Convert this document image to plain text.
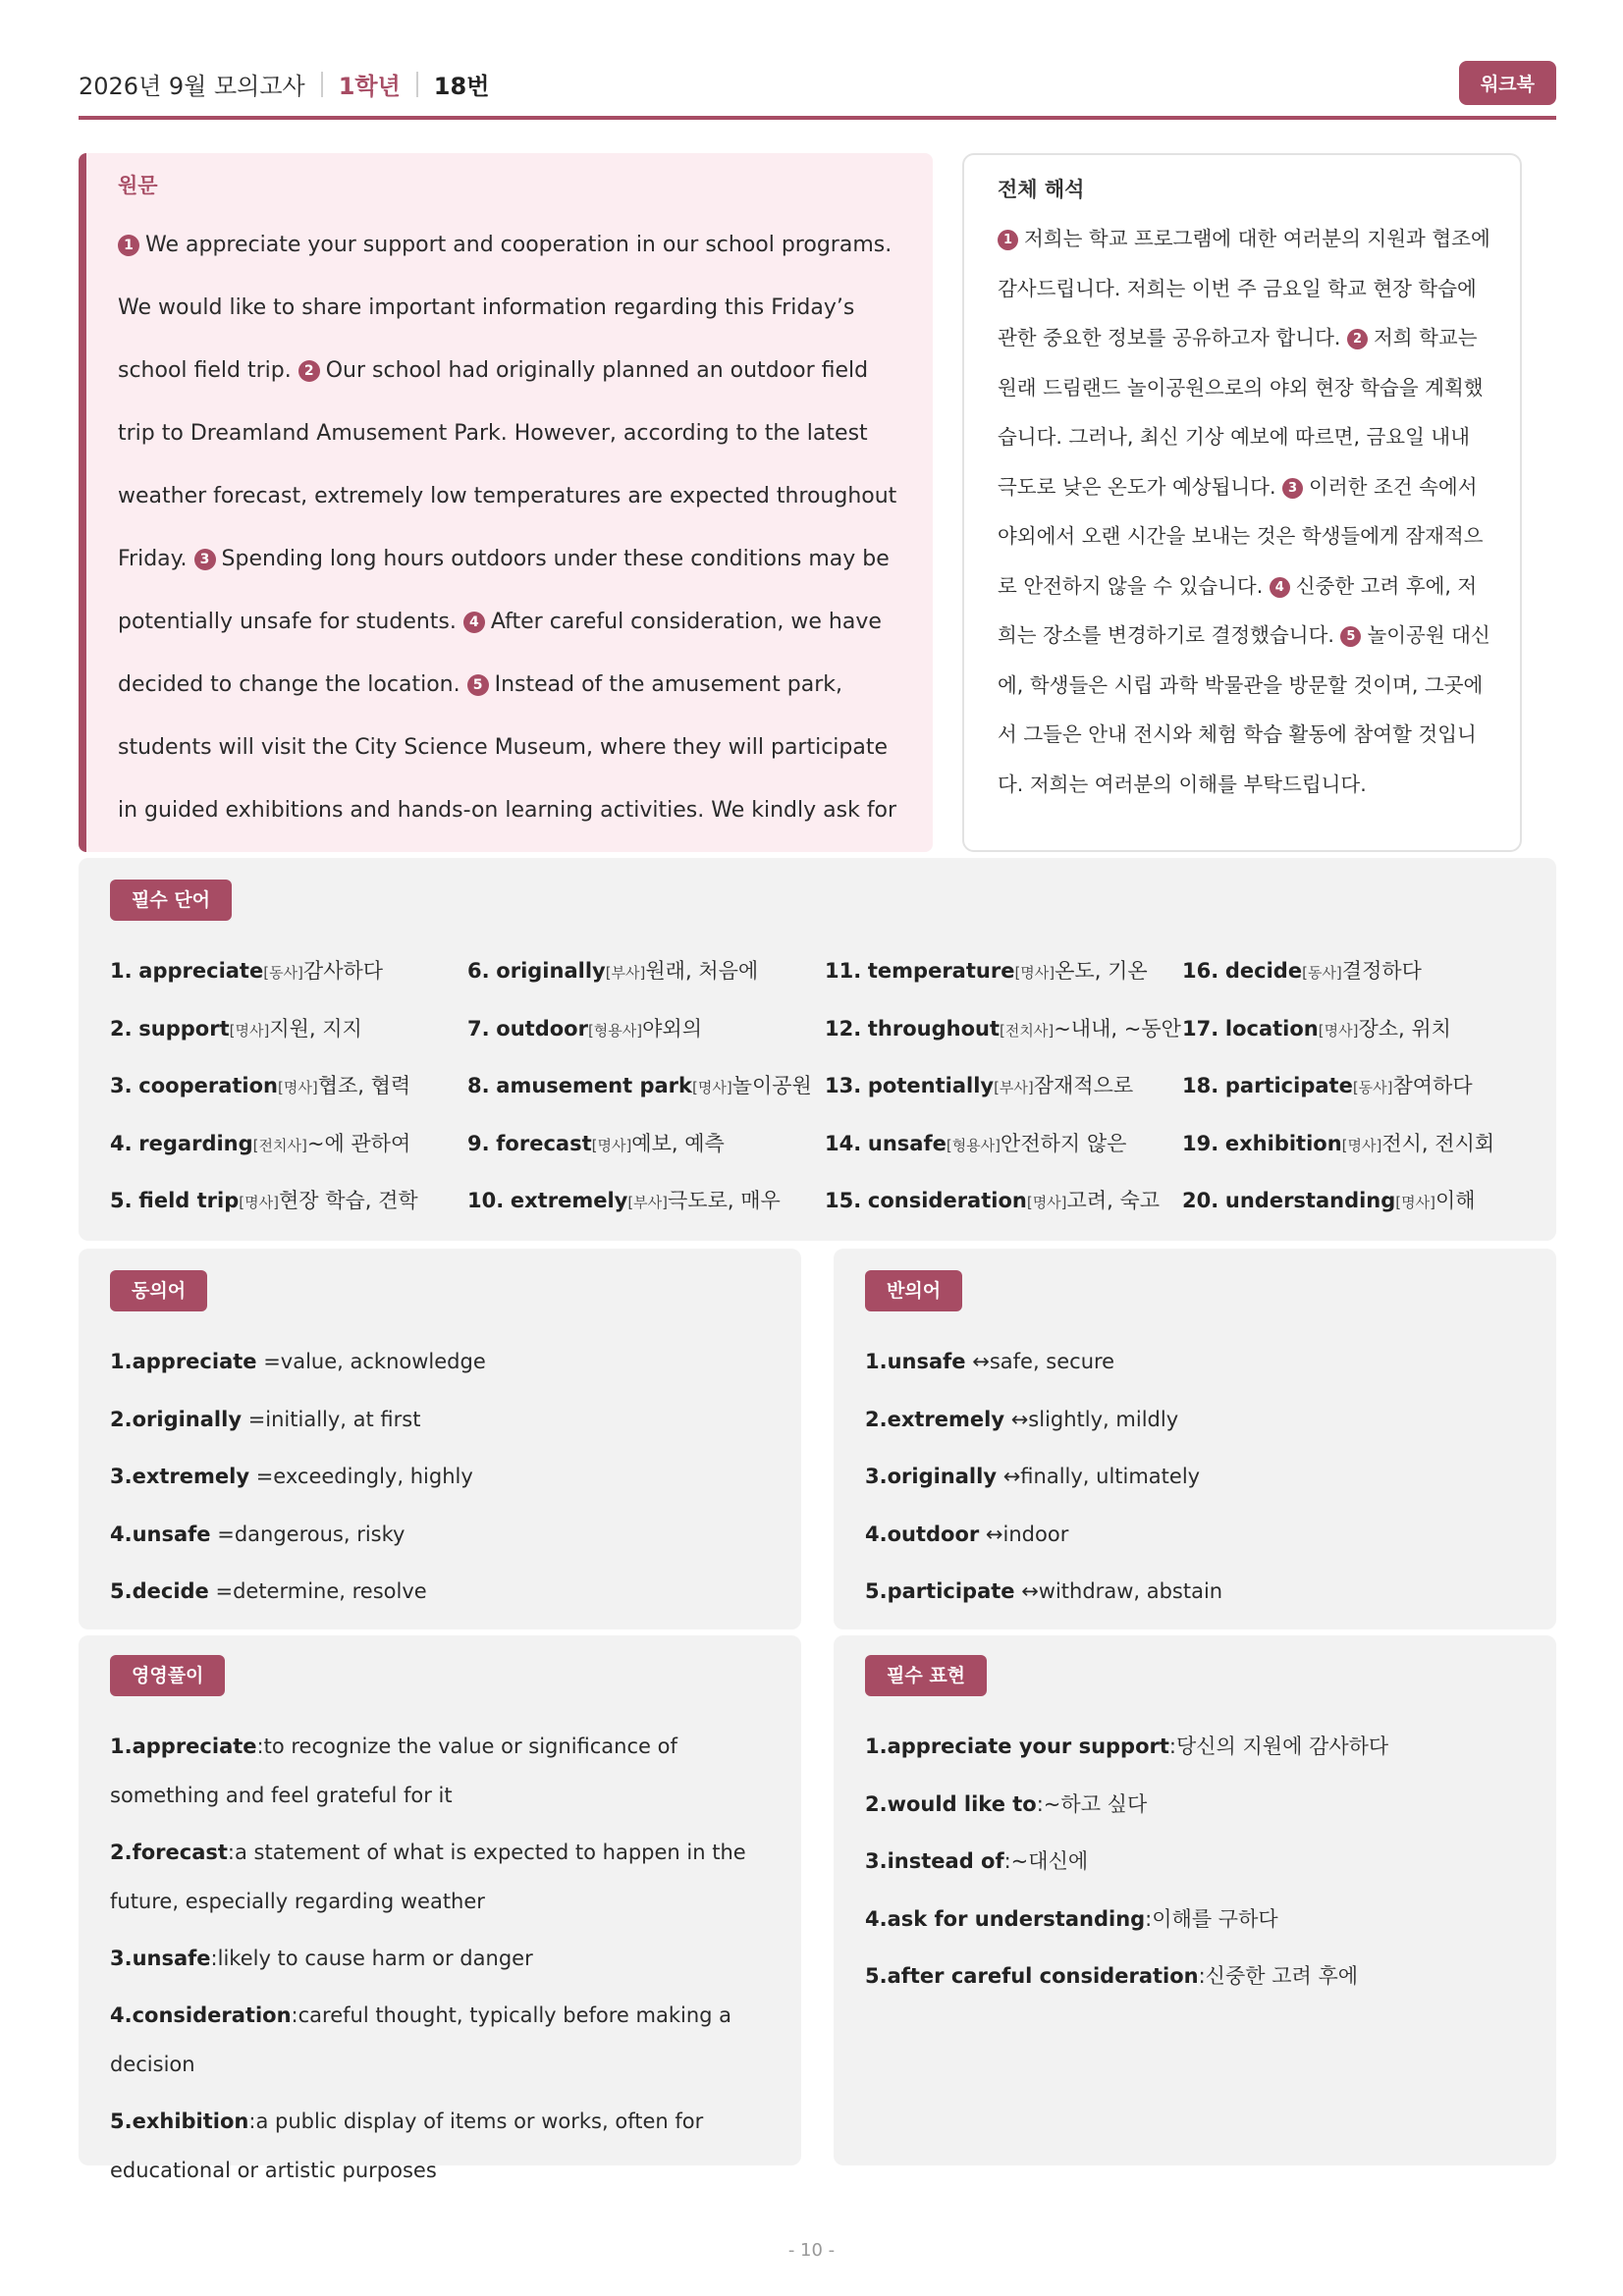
2026년 9월 모의고사 1학년 18번	워크북
원문
1 We appreciate your support and cooperation in our school programs. We would like to share important information regarding this Friday’s school field trip. 2 Our school had originally planned an outdoor field trip to Dreamland Amusement Park. However, according to the latest weather forecast, extremely low temperatures are expected throughout Friday. 3 Spending long hours outdoors under these conditions may be potentially unsafe for students. 4 After careful consideration, we have decided to change the location. 5 Instead of the amusement park, students will visit the City Science Museum, where they will participate in guided exhibitions and hands-on learning activities. We kindly ask for
전체 해석
1 저희는 학교 프로그램에 대한 여러분의 지원과 협조에 감사드립니다. 저희는 이번 주 금요일 학교 현장 학습에 관한 중요한 정보를 공유하고자 합니다. 2 저희 학교는 원래 드림랜드 놀이공원으로의 야외 현장 학습을 계획했습니다. 그러나, 최신 기상 예보에 따르면, 금요일 내내 극도로 낮은 온도가 예상됩니다. 3 이러한 조건 속에서 야외에서 오랜 시간을 보내는 것은 학생들에게 잠재적으로 안전하지 않을 수 있습니다. 4 신중한 고려 후에, 저희는 장소를 변경하기로 결정했습니다. 5 놀이공원 대신에, 학생들은 시립 과학 박물관을 방문할 것이며, 그곳에서 그들은 안내 전시와 체험 학습 활동에 참여할 것입니다. 저희는 여러분의 이해를 부탁드립니다.
필수 단어
1. appreciate[동사]감사하다
2. support[명사]지원, 지지
3. cooperation[명사]협조, 협력
4. regarding[전치사]~에 관하여
5. field trip[명사]현장 학습, 견학
6. originally[부사]원래, 처음에
7. outdoor[형용사]야외의
8. amusement park[명사]놀이공원
9. forecast[명사]예보, 예측
10. extremely[부사]극도로, 매우
11. temperature[명사]온도, 기온
12. throughout[전치사]~내내, ~동안
13. potentially[부사]잠재적으로
14. unsafe[형용사]안전하지 않은
15. consideration[명사]고려, 숙고
16. decide[동사]결정하다
17. location[명사]장소, 위치
18. participate[동사]참여하다
19. exhibition[명사]전시, 전시회
20. understanding[명사]이해
동의어
1.appreciate =value, acknowledge
2.originally =initially, at first
3.extremely =exceedingly, highly
4.unsafe =dangerous, risky
5.decide =determine, resolve
반의어
1.unsafe ↔safe, secure
2.extremely ↔slightly, mildly
3.originally ↔finally, ultimately
4.outdoor ↔indoor
5.participate ↔withdraw, abstain
영영풀이
1.appreciate:to recognize the value or significance of something and feel grateful for it
2.forecast:a statement of what is expected to happen in the future, especially regarding weather
3.unsafe:likely to cause harm or danger
4.consideration:careful thought, typically before making a decision
5.exhibition:a public display of items or works, often for educational or artistic purposes
필수 표현
1.appreciate your support:당신의 지원에 감사하다
2.would like to:~하고 싶다
3.instead of:~대신에
4.ask for understanding:이해를 구하다
5.after careful consideration:신중한 고려 후에
- 10 -
